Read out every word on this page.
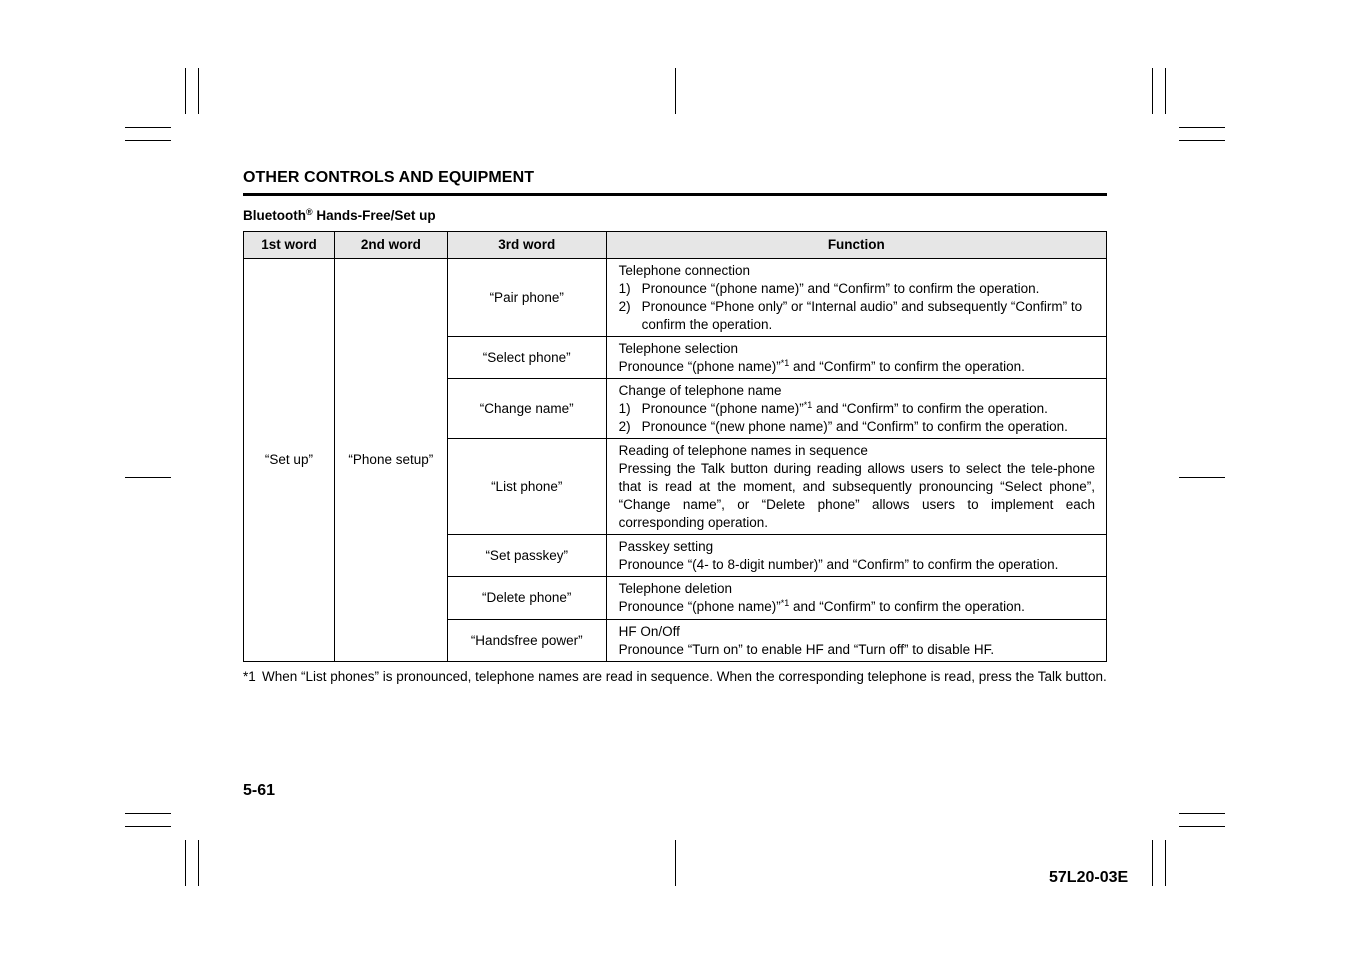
OTHER CONTROLS AND EQUIPMENT
Bluetooth® Hands-Free/Set up
1st word	2nd word	3rd word	Function
“Set up”	“Phone setup”	“Pair phone”	Telephone connection
1) Pronounce “(phone name)” and “Confirm” to confirm the operation.
2) Pronounce “Phone only” or “Internal audio” and subsequently “Confirm” to confirm the operation.

		“Select phone”	Telephone selection
Pronounce “(phone name)”$^{*1}$ and “Confirm” to confirm the operation.

		“Change name”	Change of telephone name
1) Pronounce “(phone name)”$^{*1}$ and “Confirm” to confirm the operation.
2) Pronounce “(new phone name)” and “Confirm” to confirm the operation.

		“List phone”	Reading of telephone names in sequence
Pressing the Talk button during reading allows users to select the tele-phone that is read at the moment, and subsequently pronouncing “Select phone”, “Change name”, or “Delete phone” allows users to implement each corresponding operation.

		“Set passkey”	Passkey setting
Pronounce “(4- to 8-digit number)” and “Confirm” to confirm the operation.

		“Delete phone”	Telephone deletion
Pronounce “(phone name)”$^{*1}$ and “Confirm” to confirm the operation.

		“Handsfree power”	HF On/Off
Pronounce “Turn on” to enable HF and “Turn off” to disable HF.
*1 When “List phones” is pronounced, telephone names are read in sequence. When the corresponding telephone is read, press the Talk button.
5-61
57L20-03E
